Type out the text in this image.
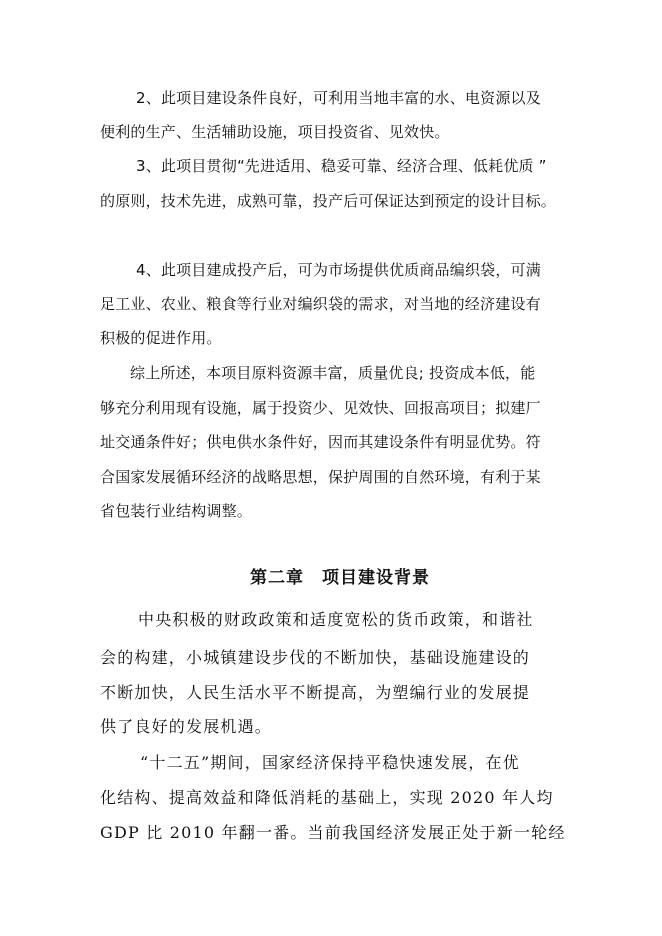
2、此项目建设条件良好，可利用当地丰富的水、电资源以及
便利的生产、生活辅助设施，项目投资省、见效快。
3、此项目贯彻“先进适用、稳妥可靠、经济合理、低耗优质 ”
的原则，技术先进，成熟可靠，投产后可保证达到预定的设计目标。
4、此项目建成投产后，可为市场提供优质商品编织袋，可满
足工业、农业、粮食等行业对编织袋的需求，对当地的经济建设有
积极的促进作用。
综上所述，本项目原料资源丰富，质量优良; 投资成本低，能
够充分利用现有设施，属于投资少、见效快、回报高项目；拟建厂
址交通条件好；供电供水条件好，因而其建设条件有明显优势。符
合国家发展循环经济的战略思想，保护周围的自然环境，有利于某
省包装行业结构调整。
第二章　项目建设背景
中央积极的财政政策和适度宽松的货币政策，和谐社
会的构建，小城镇建设步伐的不断加快，基础设施建设的
不断加快，人民生活水平不断提高，为塑编行业的发展提
供了良好的发展机遇。
“十二五”期间，国家经济保持平稳快速发展，在优
化结构、提高效益和降低消耗的基础上，实现 2020 年人均
GDP 比 2010 年翻一番。当前我国经济发展正处于新一轮经
